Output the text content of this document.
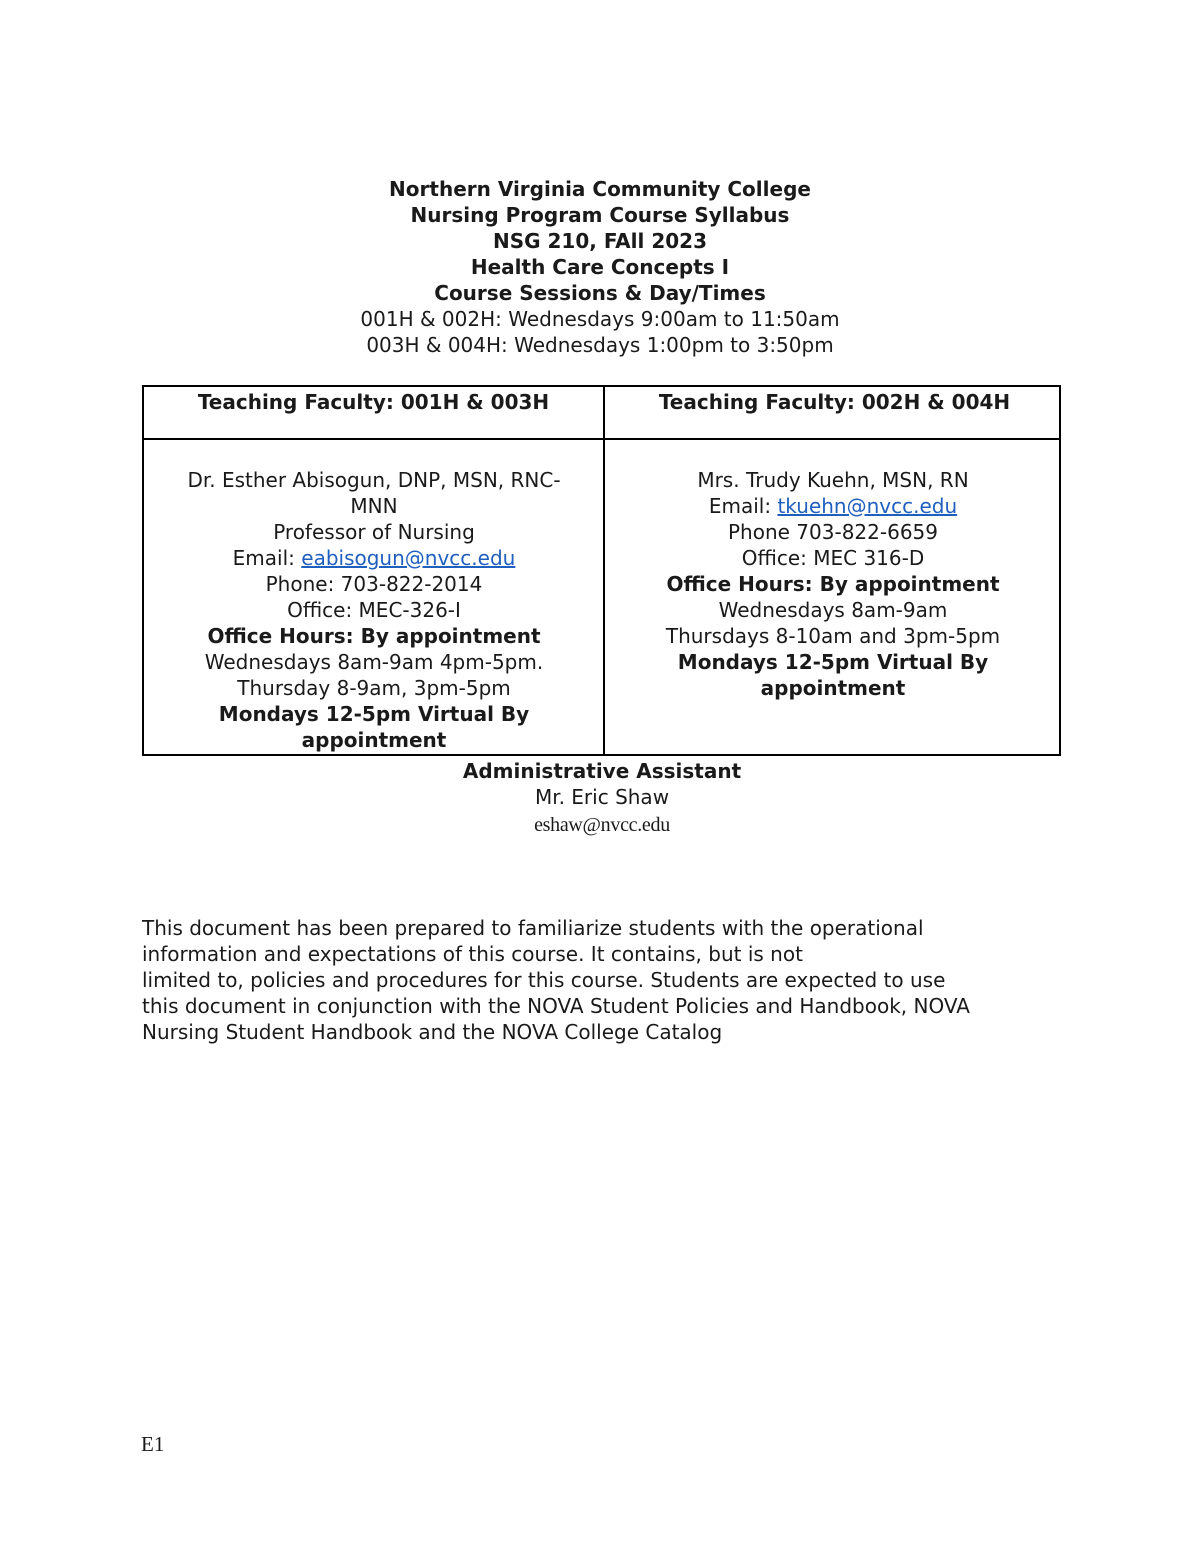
Northern Virginia Community College
Nursing Program Course Syllabus
NSG 210, FAll 2023
Health Care Concepts I
Course Sessions & Day/Times
001H & 002H: Wednesdays 9:00am to 11:50am
003H & 004H: Wednesdays 1:00pm to 3:50pm
Teaching Faculty: 001H & 003H	Teaching Faculty: 002H & 004H
Dr. Esther Abisogun, DNP, MSN, RNC-
MNN
Professor of Nursing
Email: eabisogun@nvcc.edu
Phone: 703-822-2014
Office: MEC-326-I
Office Hours: By appointment
Wednesdays 8am-9am 4pm-5pm.
Thursday 8-9am, 3pm-5pm
Mondays 12-5pm Virtual By
appointment
Mrs. Trudy Kuehn, MSN, RN
Email: tkuehn@nvcc.edu
Phone 703-822-6659
Office: MEC 316-D
Office Hours: By appointment
Wednesdays 8am-9am
Thursdays 8-10am and 3pm-5pm
Mondays 12-5pm Virtual By
appointment
Administrative Assistant
Mr. Eric Shaw
eshaw@nvcc.edu
This document has been prepared to familiarize students with the operational
information and expectations of this course. It contains, but is not
limited to, policies and procedures for this course. Students are expected to use
this document in conjunction with the NOVA Student Policies and Handbook, NOVA
Nursing Student Handbook and the NOVA College Catalog
E1
